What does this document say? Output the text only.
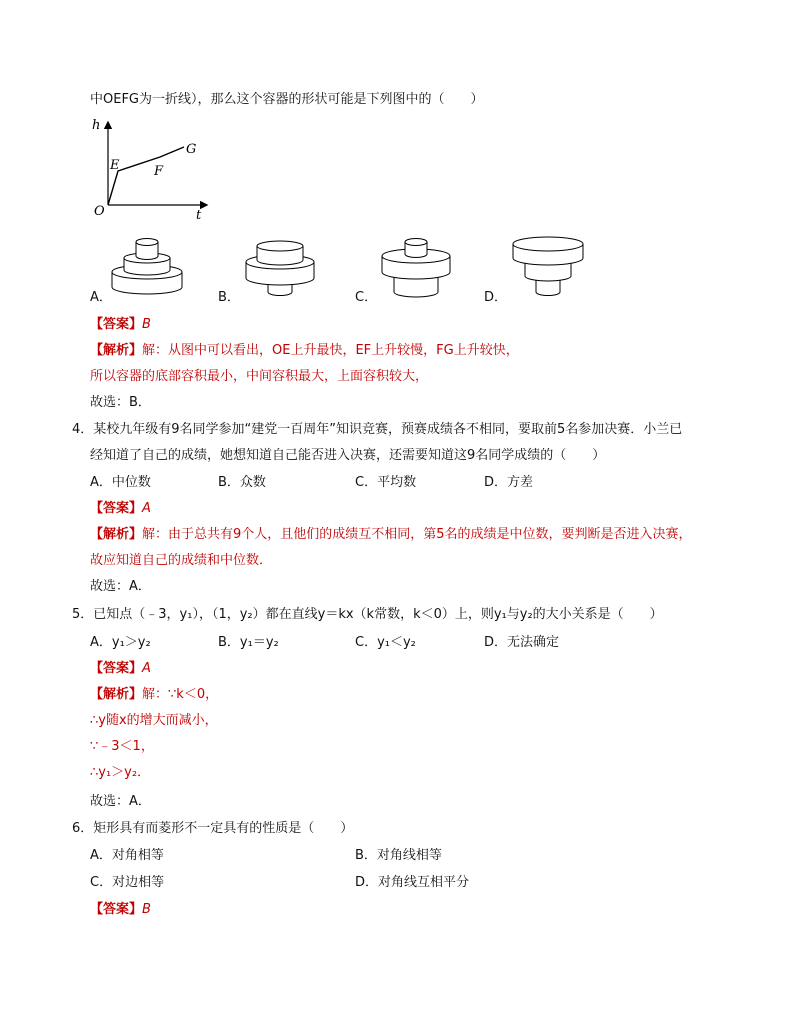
中OEFG为一折线），那么这个容器的形状可能是下列图中的（　　）
h
t
O
E	F
G
A．	B．	C．	D．
【答案】B
【解析】解：从图中可以看出，OE上升最快，EF上升较慢，FG上升较快，
所以容器的底部容积最小，中间容积最大，上面容积较大，
故选：B．
4．某校九年级有9名同学参加“建党一百周年”知识竞赛，预赛成绩各不相同，要取前5名参加决赛．小兰已
经知道了自己的成绩，她想知道自己能否进入决赛，还需要知道这9名同学成绩的（　　）
A．中位数	B．众数	C．平均数	D．方差
【答案】A
【解析】解：由于总共有9个人，且他们的成绩互不相同，第5名的成绩是中位数，要判断是否进入决赛，
故应知道自己的成绩和中位数．
故选：A．
5．已知点（﹣3，y₁），（1，y₂）都在直线y＝kx（k常数，k＜0）上，则y₁与y₂的大小关系是（　　）
A．y₁＞y₂	B．y₁＝y₂	C．y₁＜y₂	D．无法确定
【答案】A
【解析】解：∵k＜0，
∴y随x的增大而减小，
∵﹣3＜1，
∴y₁＞y₂．
故选：A．
6．矩形具有而菱形不一定具有的性质是（　　）
A．对角相等	B．对角线相等
C．对边相等	D．对角线互相平分
【答案】B
